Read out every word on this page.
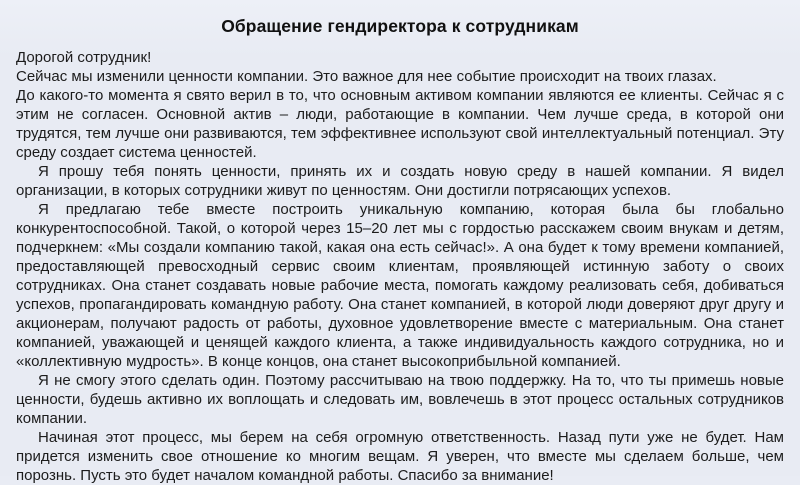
Обращение гендиректора к сотрудникам

Дорогой сотрудник!

Сейчас мы изменили ценности компании. Это важное для нее событие происходит на твоих глазах.

До какого-то момента я свято верил в то, что основным активом компании являются ее клиенты. Сейчас я с этим не согласен. Основной актив – люди, работающие в компании. Чем лучше среда, в которой они трудятся, тем лучше они развиваются, тем эффективнее используют свой интеллектуальный потенциал. Эту среду создает система ценностей.

Я прошу тебя понять ценности, принять их и создать новую среду в нашей компании. Я видел организации, в которых сотрудники живут по ценностям. Они достигли потрясающих успехов.

Я предлагаю тебе вместе построить уникальную компанию, которая была бы глобально конкурентоспособной. Такой, о которой через 15–20 лет мы с гордостью расскажем своим внукам и детям, подчеркнем: «Мы создали компанию такой, какая она есть сейчас!». А она будет к тому времени компанией, предоставляющей превосходный сервис своим клиентам, проявляющей истинную заботу о своих сотрудниках. Она станет создавать новые рабочие места, помогать каждому реализовать себя, добиваться успехов, пропагандировать командную работу. Она станет компанией, в которой люди доверяют друг другу и акционерам, получают радость от работы, духовное удовлетворение вместе с материальным. Она станет компанией, уважающей и ценящей каждого клиента, а также индивидуальность каждого сотрудника, но и «коллективную мудрость». В конце концов, она станет высокоприбыльной компанией.

Я не смогу этого сделать один. Поэтому рассчитываю на твою поддержку. На то, что ты примешь новые ценности, будешь активно их воплощать и следовать им, вовлечешь в этот процесс остальных сотрудников компании.

Начиная этот процесс, мы берем на себя огромную ответственность. Назад пути уже не будет. Нам придется изменить свое отношение ко многим вещам. Я уверен, что вместе мы сделаем больше, чем порознь. Пусть это будет началом командной работы. Спасибо за внимание!
